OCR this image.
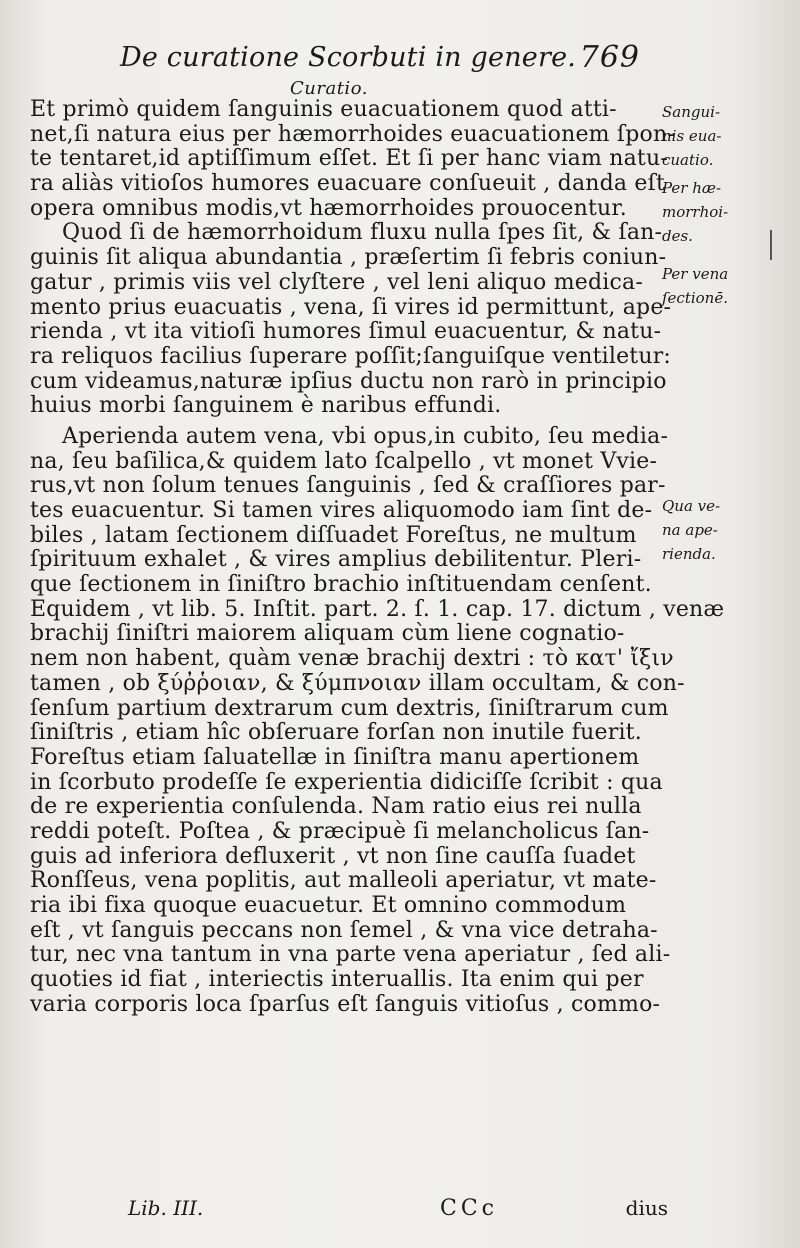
De curatione Scorbuti in genere. 769
Curatio.
Et primò quidem ſanguinis euacuationem quod atti-
net,ſi natura eius per hæmorrhoides euacuationem ſpon-
te tentaret,id aptiſſimum eſſet. Et ſi per hanc viam natu-
ra aliàs vitioſos humores euacuare conſueuit , danda eſt
opera omnibus modis,vt hæmorrhoides prouocentur.
Quod ſi de hæmorrhoidum fluxu nulla ſpes ſit, & ſan-
guinis ſit aliqua abundantia , præſertim ſi febris coniun-
gatur , primis viis vel clyſtere , vel leni aliquo medica-
mento prius euacuatis , vena, ſi vires id permittunt, ape-
rienda , vt ita vitioſi humores ſimul euacuentur, & natu-
ra reliquos facilius ſuperare poſſit;ſanguiſque ventiletur:
cum videamus,naturæ ipſius ductu non rarò in principio
huius morbi ſanguinem è naribus effundi.
Aperienda autem vena, vbi opus,in cubito, ſeu media-
na, ſeu baſilica,& quidem lato ſcalpello , vt monet Vvie-
rus,vt non ſolum tenues ſanguinis , ſed & craſſiores par-
tes euacuentur. Si tamen vires aliquomodo iam ſint de-
biles , latam ſectionem diſſuadet Foreſtus, ne multum
ſpirituum exhalet , & vires amplius debilitentur. Pleri-
que ſectionem in ſiniſtro brachio inſtituendam cenſent.
Equidem , vt lib. 5. Inſtit. part. 2. ſ. 1. cap. 17. dictum , venæ
brachij ſiniſtri maiorem aliquam cùm liene cognatio-
nem non habent, quàm venæ brachij dextri : τὸ κατ' ἴξιν
tamen , ob ξύῤῥοιαν, & ξύμπνοιαν illam occultam, & con-
ſenſum partium dextrarum cum dextris, ſiniſtrarum cum
ſiniſtris , etiam hîc obſeruare forſan non inutile fuerit.
Foreſtus etiam ſaluatellæ in ſiniſtra manu apertionem
in ſcorbuto prodeſſe ſe experientia didiciſſe ſcribit : qua
de re experientia conſulenda. Nam ratio eius rei nulla
reddi poteſt. Poſtea , & præcipuè ſi melancholicus ſan-
guis ad inferiora defluxerit , vt non ſine cauſſa ſuadet
Ronſſeus, vena poplitis, aut malleoli aperiatur, vt mate-
ria ibi fixa quoque euacuetur. Et omnino commodum
eſt , vt ſanguis peccans non ſemel , & vna vice detraha-
tur, nec vna tantum in vna parte vena aperiatur , ſed ali-
quoties id fiat , interiectis interuallis. Ita enim qui per
varia corporis loca ſparſus eſt ſanguis vitioſus , commo-
Sangui-
nis eua-
cuatio.
Per hæ-
morrhoi-
des.
Per vena
ſectionē.
Qua ve-
na ape-
rienda.
Lib. III.	CCc	dius
